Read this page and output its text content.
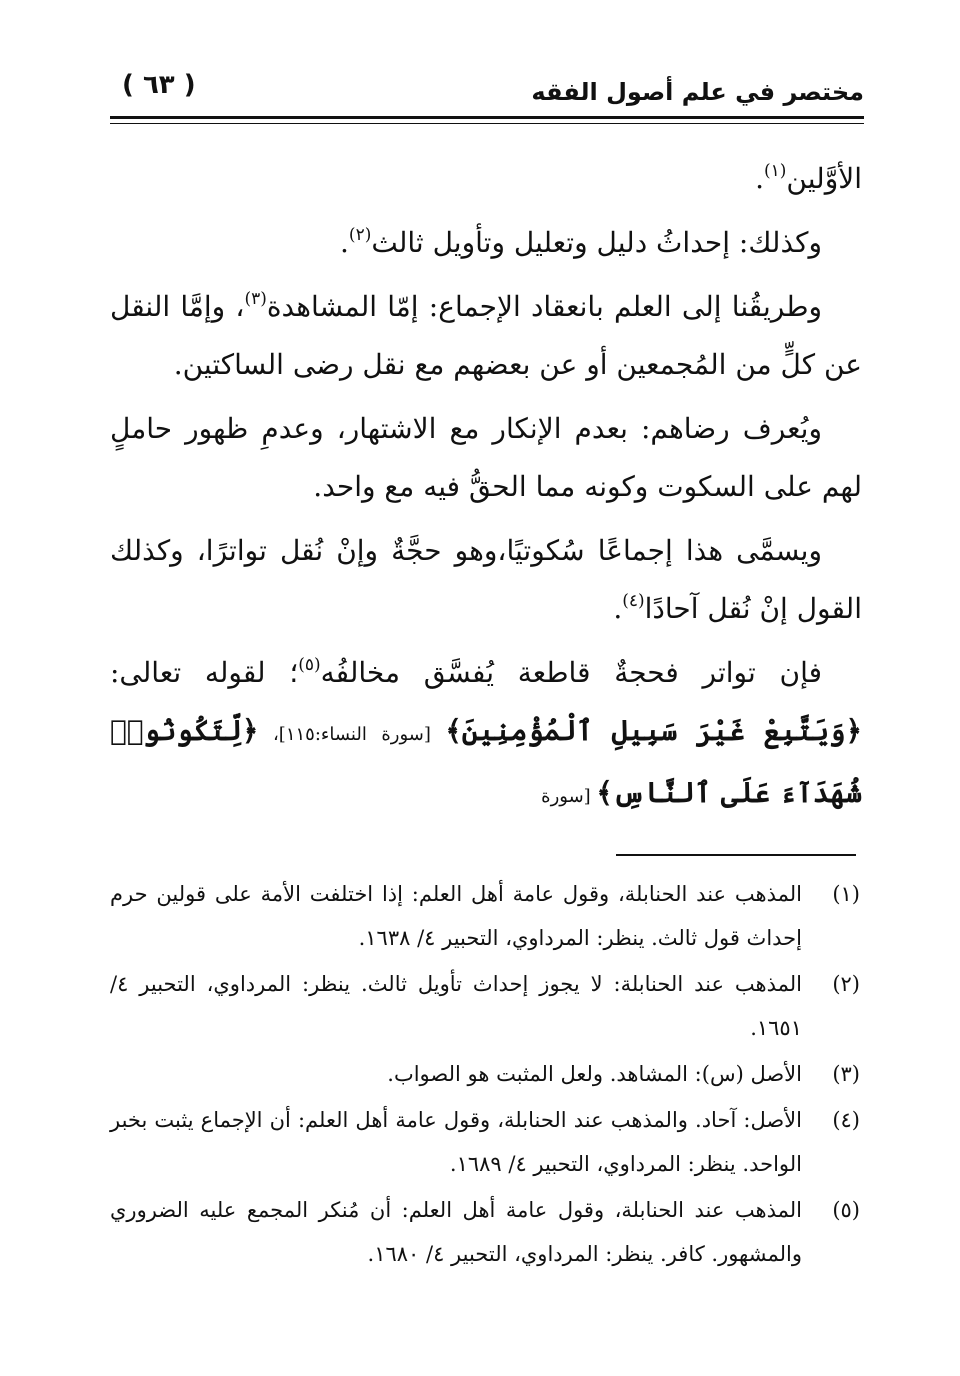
مختصر في علم أصول الفقه
( ٦٣ )

الأوَّلين$^{(١)}$.

وكذلك: إحداثُ دليل وتعليل وتأويل ثالث$^{(٢)}$.

وطريقُنا إلى العلم بانعقاد الإجماع: إمّا المشاهدة$^{(٣)}$، وإمَّا النقل عن كلٍّ من المُجمعين أو عن بعضهم مع نقل رضى الساكتين.

ويُعرف رضاهم: بعدم الإنكار مع الاشتهار، وعدمِ ظهور حاملٍ لهم على السكوت وكونه مما الحقُّ فيه مع واحد.

ويسمَّى هذا إجماعًا سُكوتيًا،وهو حجَّةٌ وإنْ نُقل تواترًا، وكذلك القول إنْ نُقل آحادًا$^{(٤)}$.

فإن تواتر فحجةٌ قاطعة يُفسَّق مخالفُه$^{(٥)}$؛ لقوله تعالى: ﴿وَيَتَّبِعْ غَيْرَ سَبِيلِ ٱلْمُؤْمِنِينَ﴾ [سورة النساء:١١٥]، ﴿لِّتَكُونُوا۟ شُهَدَآءَ عَلَى ٱلنَّاسِ﴾ [سورة

(١)
المذهب عند الحنابلة، وقول عامة أهل العلم: إذا اختلفت الأمة على قولين حرم إحداث قول ثالث. ينظر: المرداوي، التحبير ٤/ ١٦٣٨.
(٢)
المذهب عند الحنابلة: لا يجوز إحداث تأويل ثالث. ينظر: المرداوي، التحبير ٤/ ١٦٥١.
(٣)
الأصل (س): المشاهد. ولعل المثبت هو الصواب.
(٤)
الأصل: آحاد. والمذهب عند الحنابلة، وقول عامة أهل العلم: أن الإجماع يثبت بخبر الواحد. ينظر: المرداوي، التحبير ٤/ ١٦٨٩.
(٥)
المذهب عند الحنابلة، وقول عامة أهل العلم: أن مُنكر المجمع عليه الضروري والمشهور. كافر. ينظر: المرداوي، التحبير ٤/ ١٦٨٠.
